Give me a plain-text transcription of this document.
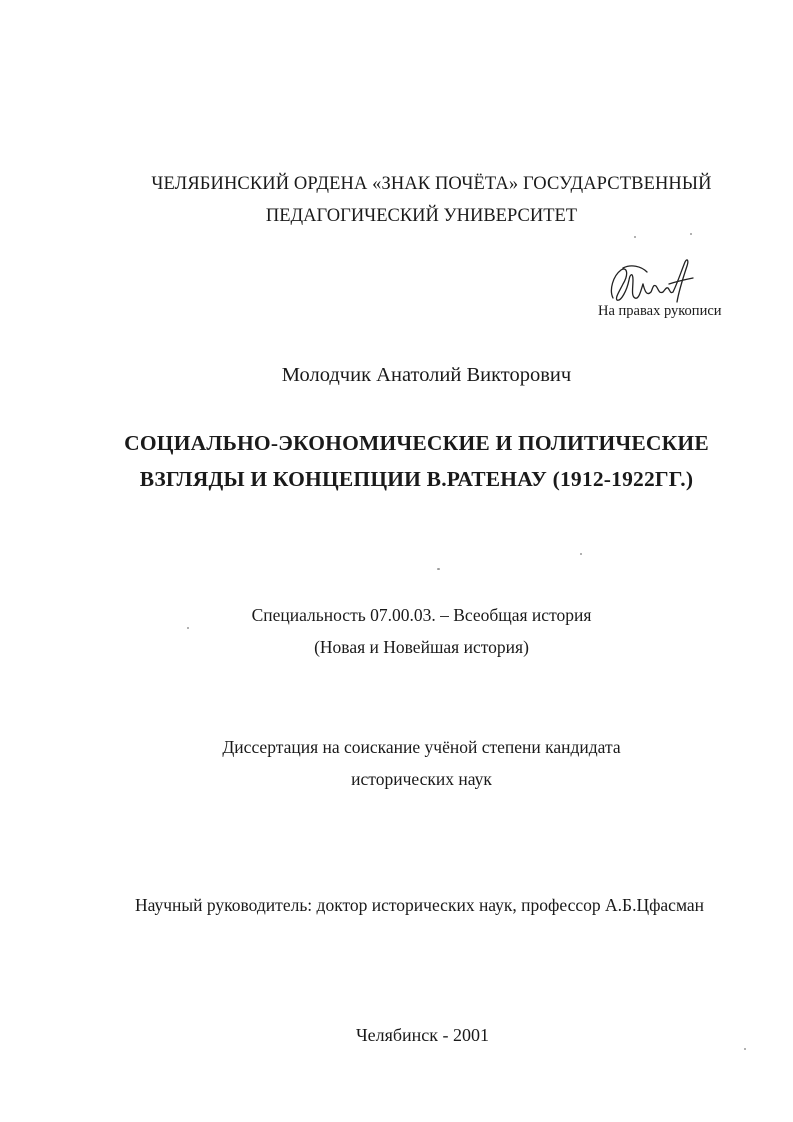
ЧЕЛЯБИНСКИЙ ОРДЕНА «ЗНАК ПОЧЁТА» ГОСУДАРСТВЕННЫЙ
ПЕДАГОГИЧЕСКИЙ УНИВЕРСИТЕТ
На правах рукописи
Молодчик Анатолий Викторович
СОЦИАЛЬНО-ЭКОНОМИЧЕСКИЕ И ПОЛИТИЧЕСКИЕ
ВЗГЛЯДЫ И КОНЦЕПЦИИ В.РАТЕНАУ (1912-1922ГГ.)
Специальность 07.00.03. – Всеобщая история
(Новая и Новейшая история)
Диссертация на соискание учёной степени кандидата
исторических наук
Научный руководитель: доктор исторических наук, профессор А.Б.Цфасман
Челябинск - 2001
